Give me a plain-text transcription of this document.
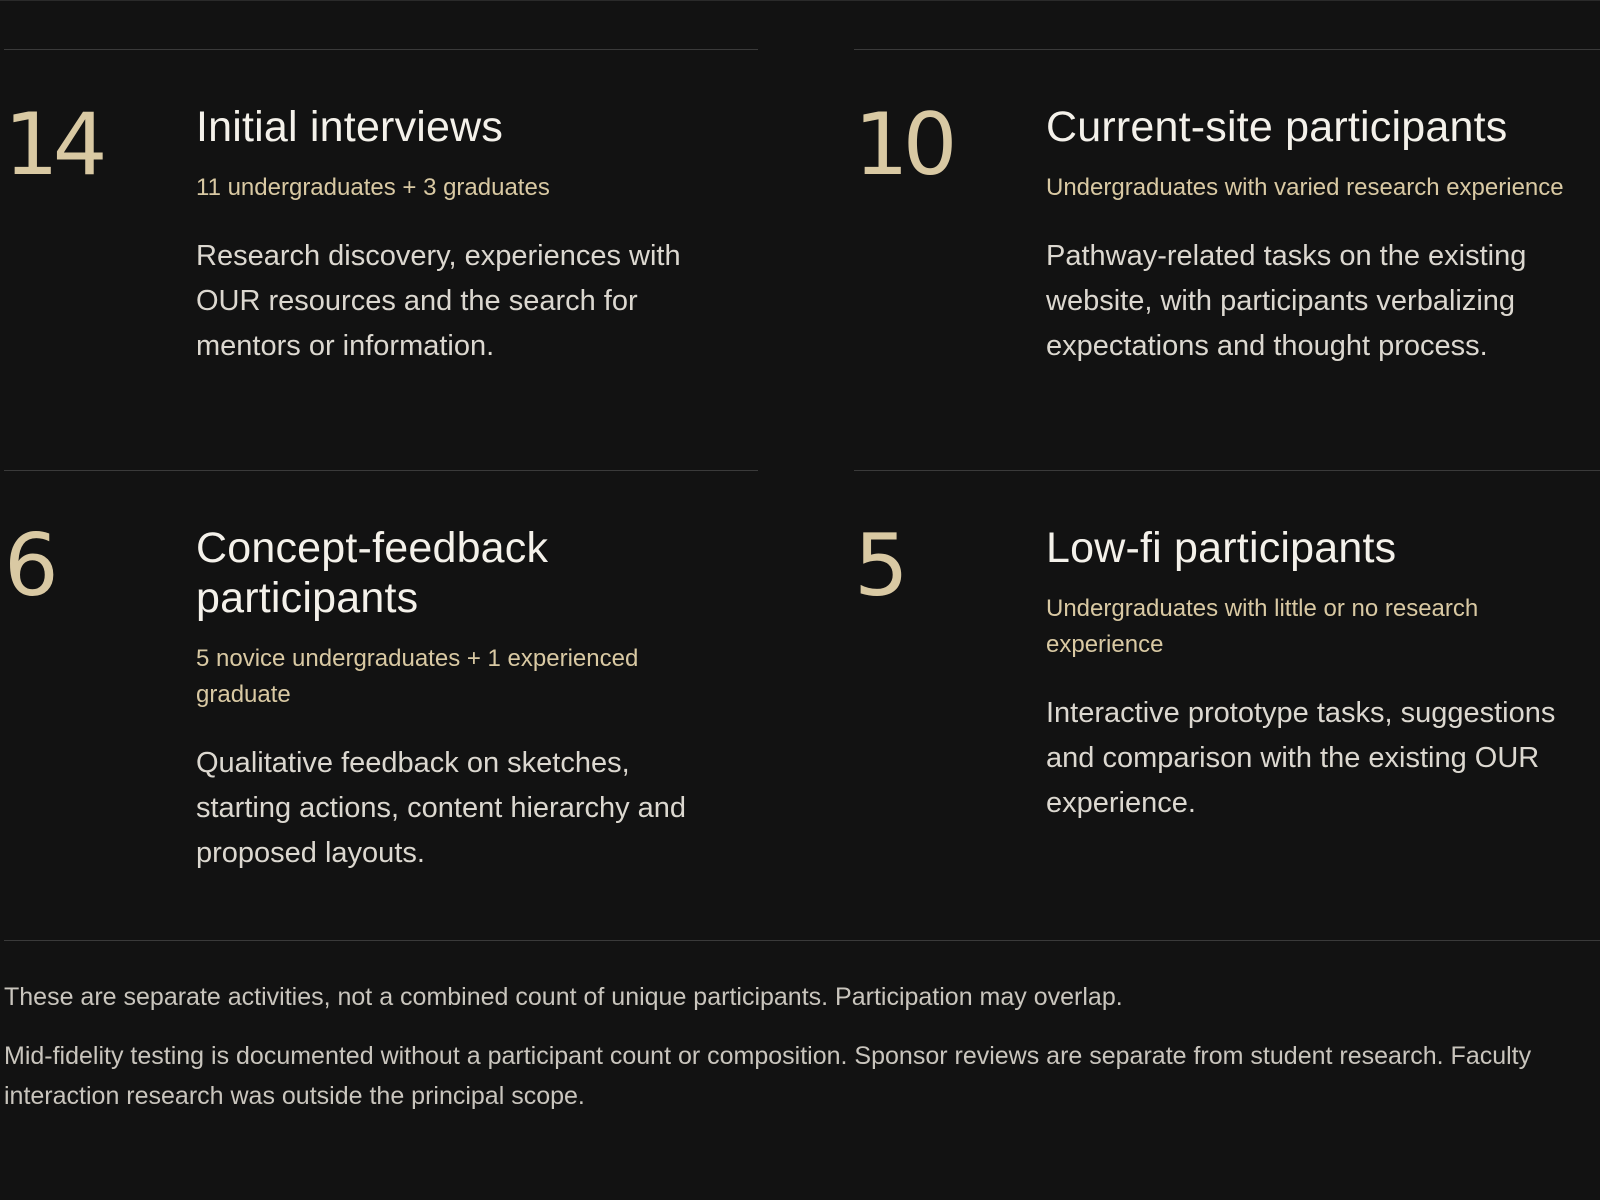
14 Initial interviews

11 undergraduates + 3 graduates

Research discovery, experiences with OUR resources and the search for mentors or information.

10 Current-site participants

Undergraduates with varied research experience

Pathway-related tasks on the existing website, with participants verbalizing expectations and thought process.

6	Concept-feedback participants

5 novice undergraduates + 1 experienced graduate

Qualitative feedback on sketches, starting actions, content hierarchy and proposed layouts.

5	Low-fi participants

Undergraduates with little or no research experience

Interactive prototype tasks, suggestions and comparison with the existing OUR experience.

These are separate activities, not a combined count of unique participants. Participation may overlap.

Mid-fidelity testing is documented without a participant count or composition. Sponsor reviews are separate from student research. Faculty interaction research was outside the principal scope.
